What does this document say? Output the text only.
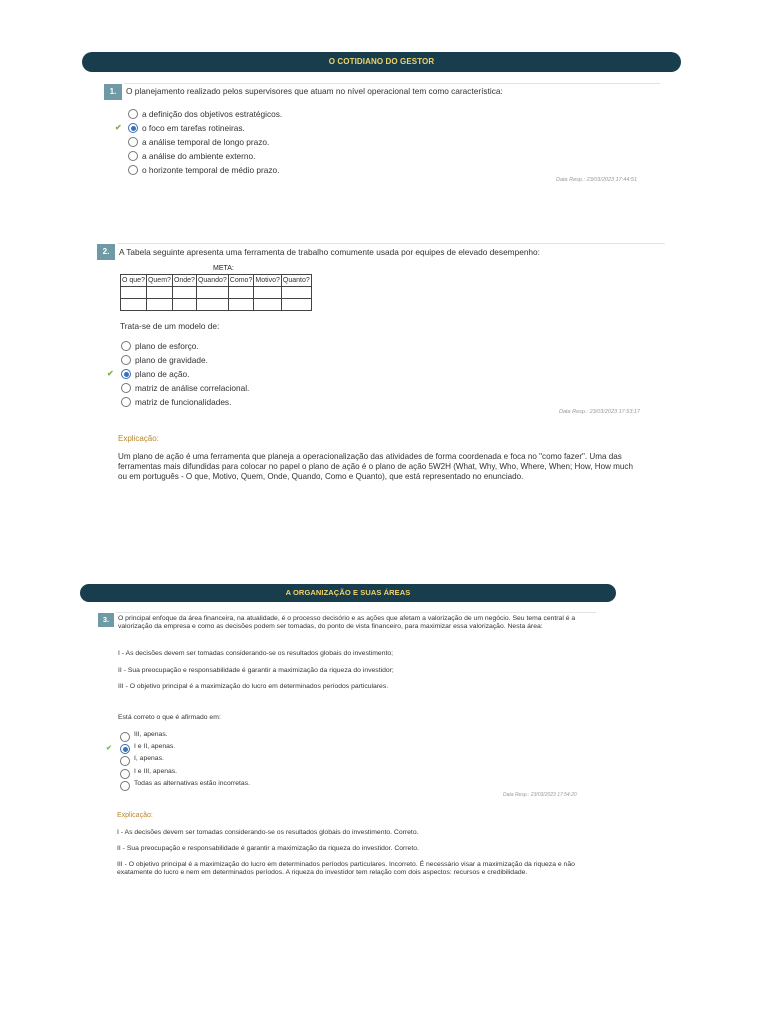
O COTIDIANO DO GESTOR
1.	O planejamento realizado pelos supervisores que atuam no nível operacional tem como característica:
a definição dos objetivos estratégicos.
✔ o foco em tarefas rotineiras.
a análise temporal de longo prazo.
a análise do ambiente externo.
o horizonte temporal de médio prazo.
Data Resp.: 23/03/2023 17:44:51
2.	A Tabela seguinte apresenta uma ferramenta de trabalho comumente usada por equipes de elevado desempenho:
META:
O que?	Quem?	Onde?	Quando?	Como?	Motivo?	Quanto?

Trata-se de um modelo de:
plano de esforço.
plano de gravidade.
✔	plano de ação.
matriz de análise correlacional.
matriz de funcionalidades.
Data Resp.: 23/03/2023 17:53:17
Explicação:
Um plano de ação é uma ferramenta que planeja a operacionalização das atividades de forma coordenada e foca no "como fazer". Uma das ferramentas mais difundidas para colocar no papel o plano de ação é o plano de ação 5W2H (What, Why, Who, Where, When; How, How much ou em português - O que, Motivo, Quem, Onde, Quando, Como e Quanto), que está representado no enunciado.
A ORGANIZAÇÃO E SUAS ÁREAS
3.	O principal enfoque da área financeira, na atualidade, é o processo decisório e as ações que afetam a valorização de um negócio. Seu tema central é a valorização da empresa e como as decisões podem ser tomadas, do ponto de vista financeiro, para maximizar essa valorização. Nesta área:
I - As decisões devem ser tomadas considerando-se os resultados globais do investimento;
II - Sua preocupação e responsabilidade é garantir a maximização da riqueza do investidor;
III - O objetivo principal é a maximização do lucro em determinados períodos particulares.
Está correto o que é afirmado em:
III, apenas.
✔	I e II, apenas.
I, apenas.
I e III, apenas.
Todas as alternativas estão incorretas.
Data Resp.: 23/03/2023 17:54:20
Explicação:
I - As decisões devem ser tomadas considerando-se os resultados globais do investimento. Correto.
II - Sua preocupação e responsabilidade é garantir a maximização da riqueza do investidor. Correto.
III - O objetivo principal é a maximização do lucro em determinados períodos particulares. Incorreto. É necessário visar a maximização da riqueza e não exatamente do lucro e nem em determinados períodos. A riqueza do investidor tem relação com dois aspectos: recursos e credibilidade.
